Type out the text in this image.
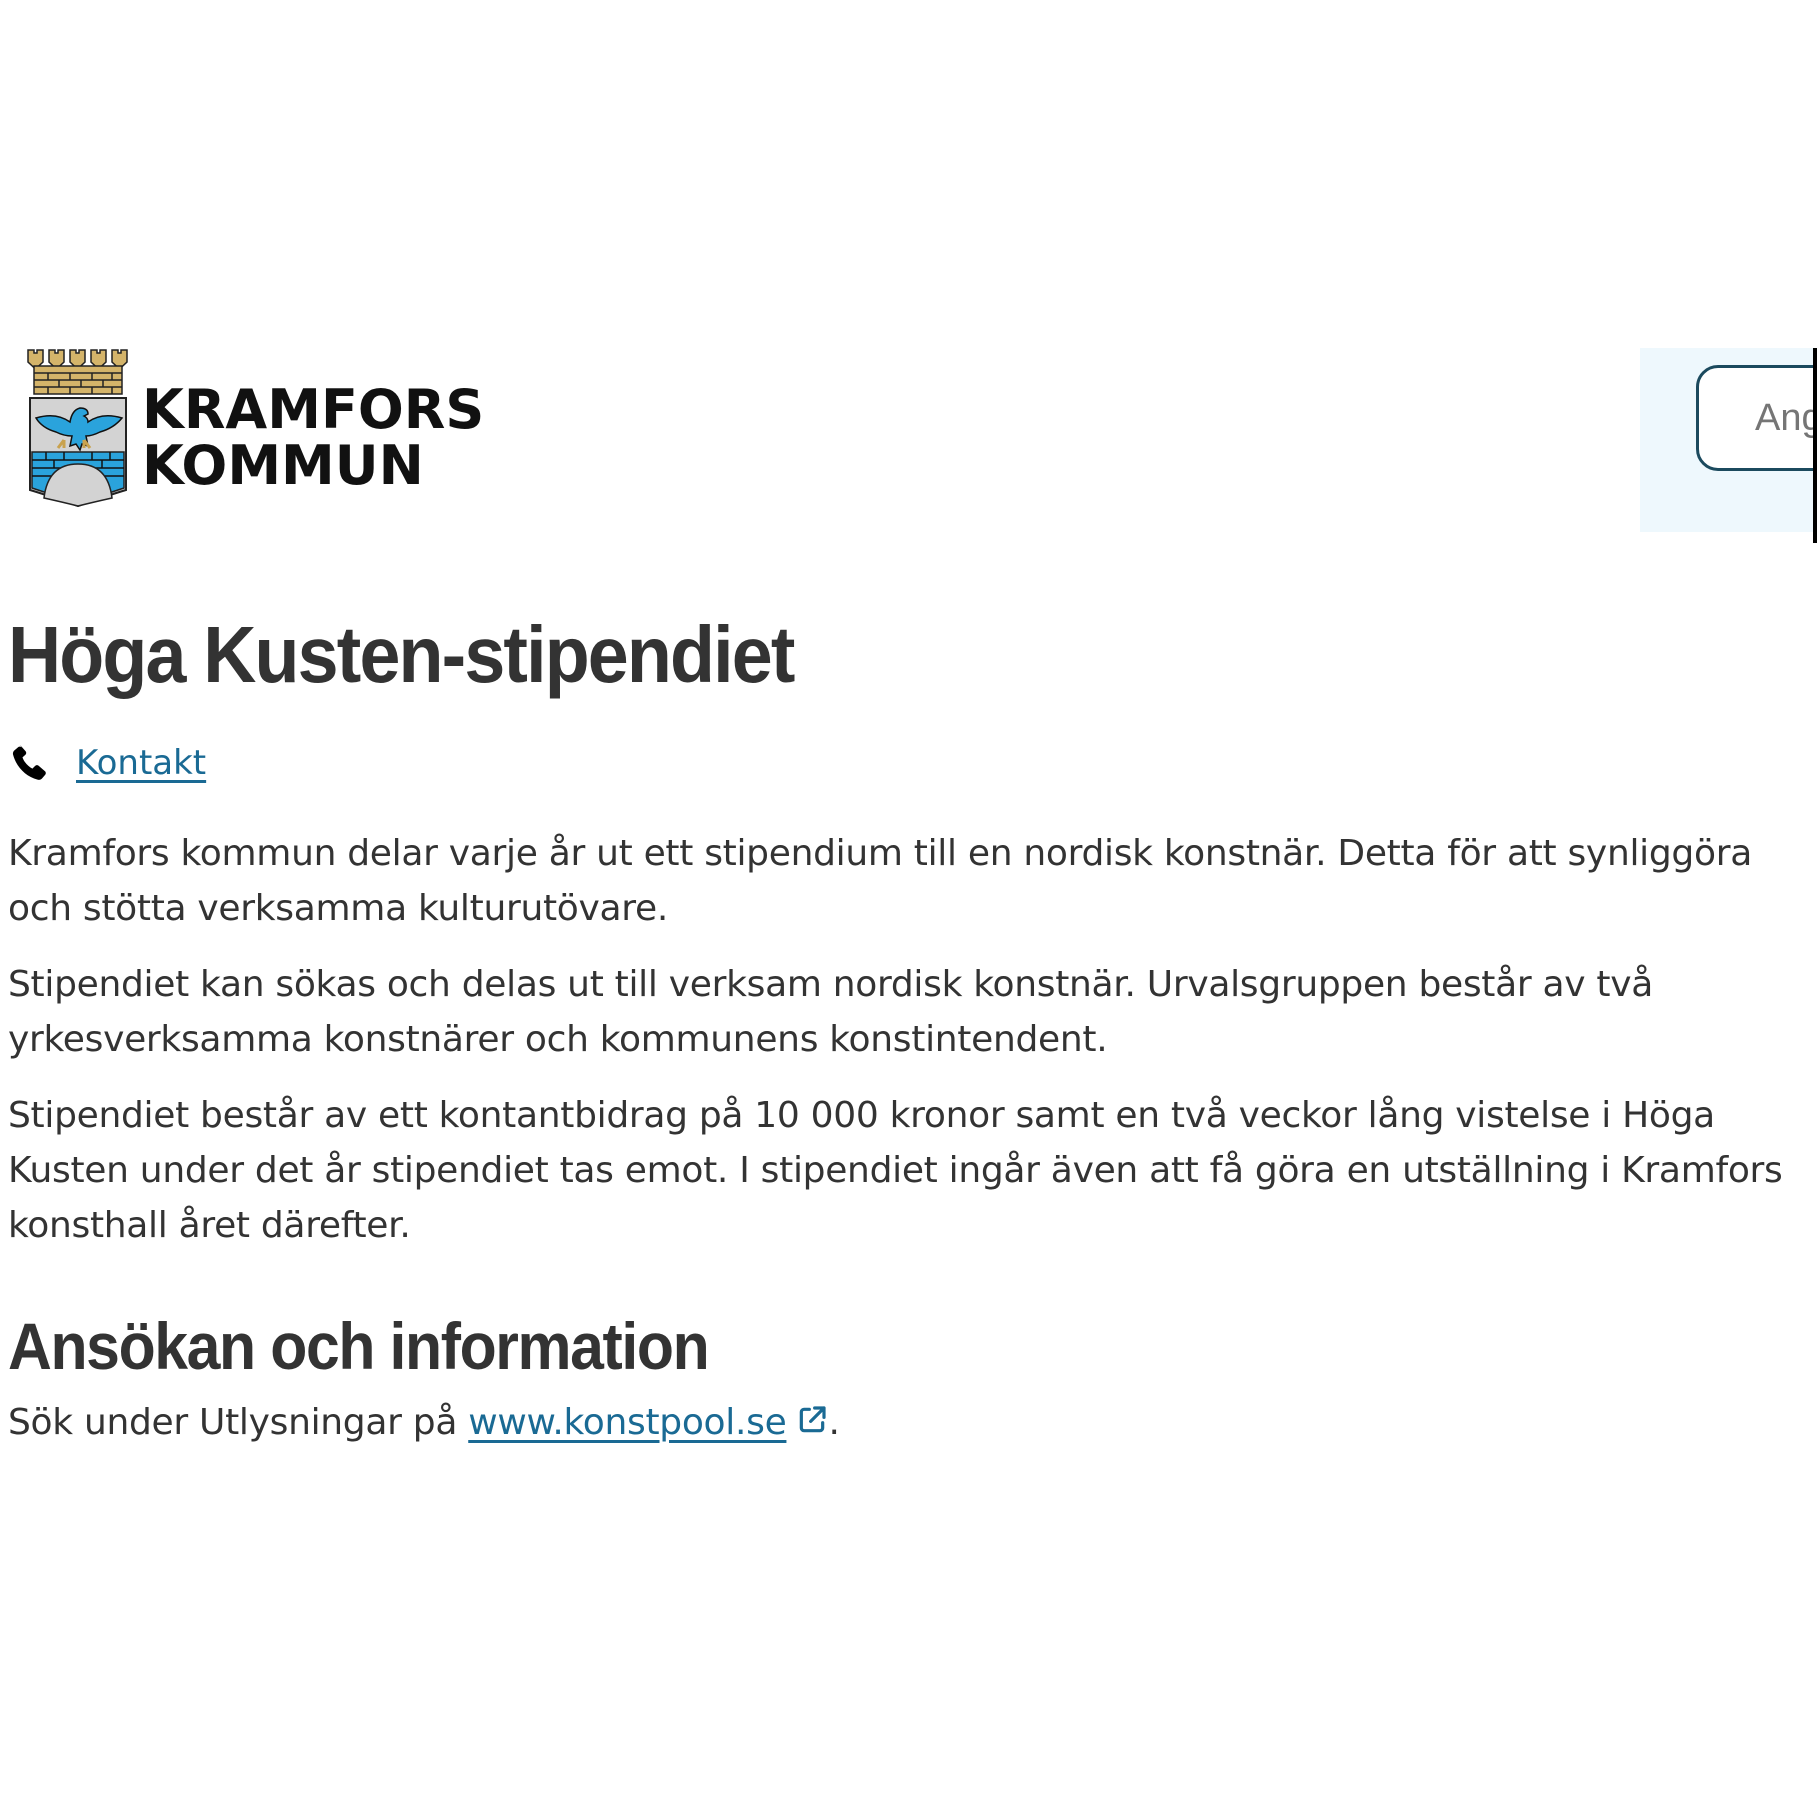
KRAMFORS
KOMMUN
Ange sökord
Höga Kusten-stipendiet
Kontakt

Kramfors kommun delar varje år ut ett stipendium till en nordisk konstnär. Detta för att synliggöra och stötta verksamma kulturutövare.

Stipendiet kan sökas och delas ut till verksam nordisk konstnär. Urvalsgruppen består av två yrkesverksamma konstnärer och kommunens konstintendent.

Stipendiet består av ett kontantbidrag på 10 000 kronor samt en två veckor lång vistelse i Höga Kusten under det år stipendiet tas emot. I stipendiet ingår även att få göra en utställning i Kramfors konsthall året därefter.

Ansökan och information

Sök under Utlysningar på www.konstpool.se .
